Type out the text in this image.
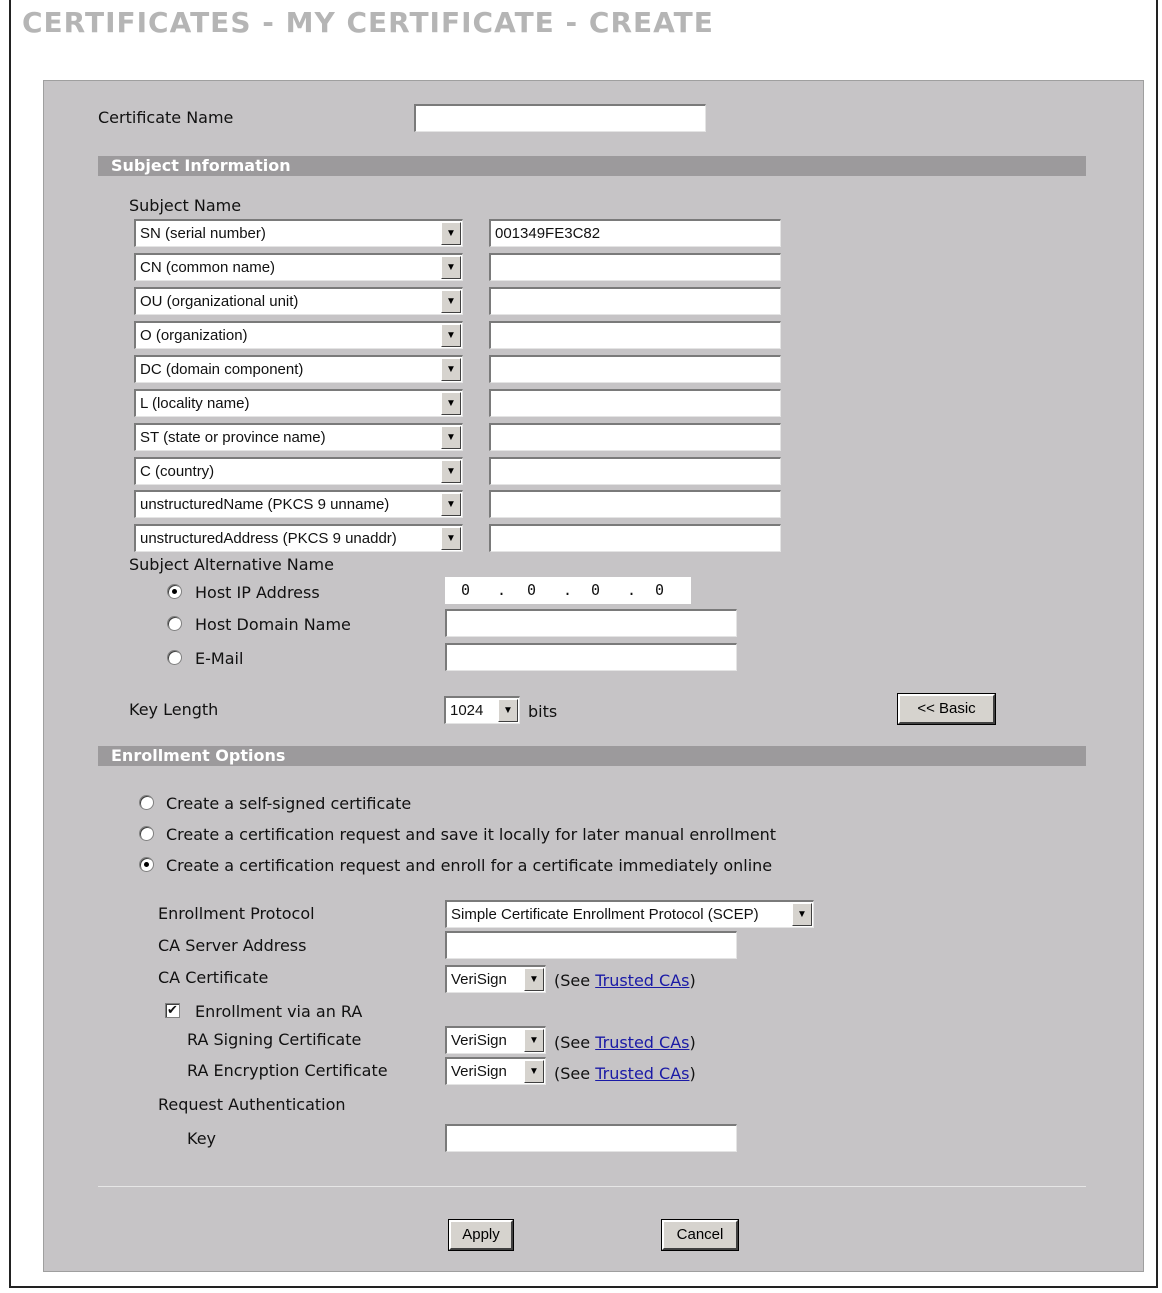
CERTIFICATES - MY CERTIFICATE - CREATE
Certificate Name
Subject Information
Subject Name
SN (serial number)	▼	001349FE3C82
CN (common name)	▼
OU (organizational unit)	▼
O (organization)	▼
DC (domain component)	▼
L (locality name)	▼
ST (state or province name)	▼
C (country)	▼
unstructuredName (PKCS 9 unname)	▼
unstructuredAddress (PKCS 9 unaddr)	▼
Subject Alternative Name
Host IP Address	0 . 0 . 0 . 0
Host Domain Name
E-Mail
Key Length	1024	▼ bits	<< Basic
Enrollment Options
Create a self-signed certificate
Create a certification request and save it locally for later manual enrollment
Create a certification request and enroll for a certificate immediately online
Enrollment Protocol	Simple Certificate Enrollment Protocol (SCEP)	▼
CA Server Address
CA Certificate	VeriSign	▼ (See Trusted CAs)
✔ Enrollment via an RA
RA Signing Certificate	VeriSign	▼ (See Trusted CAs)
RA Encryption Certificate	VeriSign	▼ (See Trusted CAs)
Request Authentication
Key
Apply	Cancel
